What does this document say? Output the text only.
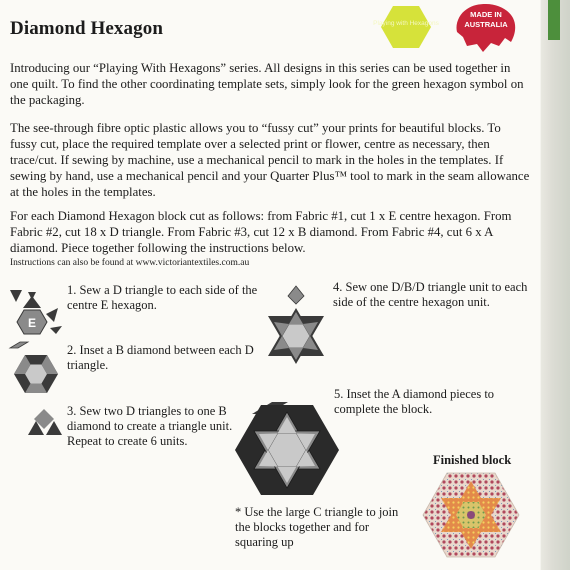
Diamond Hexagon	Playing with Hexagons
MADE IN
AUSTRALIA

Introducing our “Playing With Hexagons” series. All designs in this series can be used together in one quilt. To find the other coordinating template sets, simply look for the green hexagon symbol on the packaging.

The see-through fibre optic plastic allows you to “fussy cut” your prints for beautiful blocks. To fussy cut, place the required template over a selected print or flower, centre as necessary, then trace/cut. If sewing by machine, use a mechanical pencil to mark in the holes in the templates. If sewing by hand, use a mechanical pencil and your Quarter Plus™ tool to mark in the seam allowance at the holes in the templates.

For each Diamond Hexagon block cut as follows: from Fabric #1, cut 1 x E centre hexagon. From Fabric #2, cut 18 x D triangle. From Fabric #3, cut 12 x B diamond. From Fabric #4, cut 6 x A diamond. Piece together following the instructions below.

Instructions can also be found at www.victoriantextiles.com.au
E

1. Sew a D triangle to each side of the centre E hexagon.

2. Inset a B diamond between each D triangle.

3. Sew two D triangles to one B diamond to create a triangle unit. Repeat to create 6 units.

4. Sew one D/B/D triangle unit to each side of the centre hexagon unit.

5. Inset the A diamond pieces to complete the block.

* Use the large C triangle to join the blocks together and for squaring up

Finished block
